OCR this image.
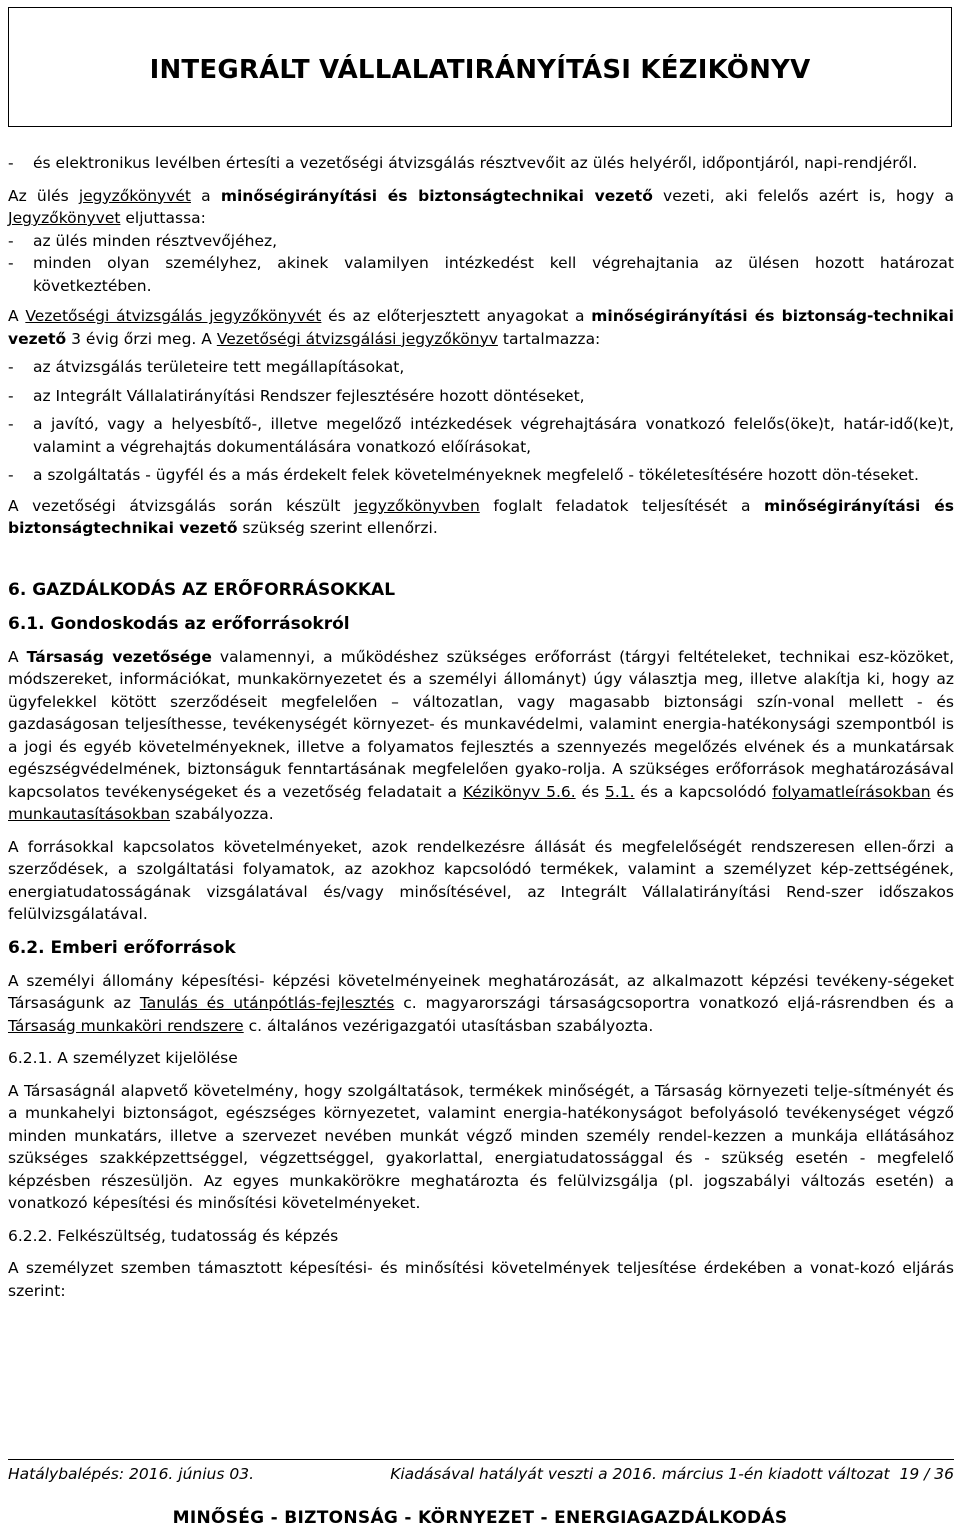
INTEGRÁLT VÁLLALATIRÁNYÍTÁSI KÉZIKÖNYV
- és elektronikus levélben értesíti a vezetőségi átvizsgálás résztvevőit az ülés helyéről, időpontjáról, napi-rendjéről.

Az ülés jegyzőkönyvét a minőségirányítási és biztonságtechnikai vezető vezeti, aki felelős azért is, hogy a Jegyzőkönyvet eljuttassa:

- az ülés minden résztvevőjéhez,
- minden olyan személyhez, akinek valamilyen intézkedést kell végrehajtania az ülésen hozott határozat következtében.

A Vezetőségi átvizsgálás jegyzőkönyvét és az előterjesztett anyagokat a minőségirányítási és biztonság-technikai vezető 3 évig őrzi meg. A Vezetőségi átvizsgálási jegyzőkönyv tartalmazza:

- az átvizsgálás területeire tett megállapításokat,
- az Integrált Vállalatirányítási Rendszer fejlesztésére hozott döntéseket,
- a javító, vagy a helyesbítő-, illetve megelőző intézkedések végrehajtására vonatkozó felelős(öke)t, határ-idő(ke)t, valamint a végrehajtás dokumentálására vonatkozó előírásokat,
- a szolgáltatás - ügyfél és a más érdekelt felek követelményeknek megfelelő - tökéletesítésére hozott dön-téseket.

A vezetőségi átvizsgálás során készült jegyzőkönyvben foglalt feladatok teljesítését a minőségirányítási és biztonságtechnikai vezető szükség szerint ellenőrzi.

6. GAZDÁLKODÁS AZ ERŐFORRÁSOKKAL
6.1. Gondoskodás az erőforrásokról

A Társaság vezetősége valamennyi, a működéshez szükséges erőforrást (tárgyi feltételeket, technikai esz-közöket, módszereket, információkat, munkakörnyezetet és a személyi állományt) úgy választja meg, illetve alakítja ki, hogy az ügyfelekkel kötött szerződéseit megfelelően – változatlan, vagy magasabb biztonsági szín-vonal mellett - és gazdaságosan teljesíthesse, tevékenységét környezet- és munkavédelmi, valamint energia-hatékonysági szempontból is a jogi és egyéb követelményeknek, illetve a folyamatos fejlesztés a szennyezés megelőzés elvének és a munkatársak egészségvédelmének, biztonságuk fenntartásának megfelelően gyako-rolja. A szükséges erőforrások meghatározásával kapcsolatos tevékenységeket és a vezetőség feladatait a Kézikönyv 5.6. és 5.1. és a kapcsolódó folyamatleírásokban és munkautasításokban szabályozza.

A forrásokkal kapcsolatos követelményeket, azok rendelkezésre állását és megfelelőségét rendszeresen ellen-őrzi a szerződések, a szolgáltatási folyamatok, az azokhoz kapcsolódó termékek, valamint a személyzet kép-zettségének, energiatudatosságának vizsgálatával és/vagy minősítésével, az Integrált Vállalatirányítási Rend-szer időszakos felülvizsgálatával.

6.2. Emberi erőforrások

A személyi állomány képesítési- képzési követelményeinek meghatározását, az alkalmazott képzési tevékeny-ségeket Társaságunk az Tanulás és utánpótlás-fejlesztés c. magyarországi társaságcsoportra vonatkozó eljá-rásrendben és a Társaság munkaköri rendszere c. általános vezérigazgatói utasításban szabályozta.

6.2.1. A személyzet kijelölése

A Társaságnál alapvető követelmény, hogy szolgáltatások, termékek minőségét, a Társaság környezeti telje-sítményét és a munkahelyi biztonságot, egészséges környezetet, valamint energia-hatékonyságot befolyásoló tevékenységet végző minden munkatárs, illetve a szervezet nevében munkát végző minden személy rendel-kezzen a munkája ellátásához szükséges szakképzettséggel, végzettséggel, gyakorlattal, energiatudatossággal és - szükség esetén - megfelelő képzésben részesüljön. Az egyes munkakörökre meghatározta és felülvizsgálja (pl. jogszabályi változás esetén) a vonatkozó képesítési és minősítési követelményeket.

6.2.2. Felkészültség, tudatosság és képzés

A személyzet szemben támasztott képesítési- és minősítési követelmények teljesítése érdekében a vonat-kozó eljárás szerint:

Hatálybalépés: 2016. június 03.	Kiadásával hatályát veszti a 2016. március 1-én kiadott változat 19 / 36
MINŐSÉG - BIZTONSÁG - KÖRNYEZET - ENERGIAGAZDÁLKODÁS
